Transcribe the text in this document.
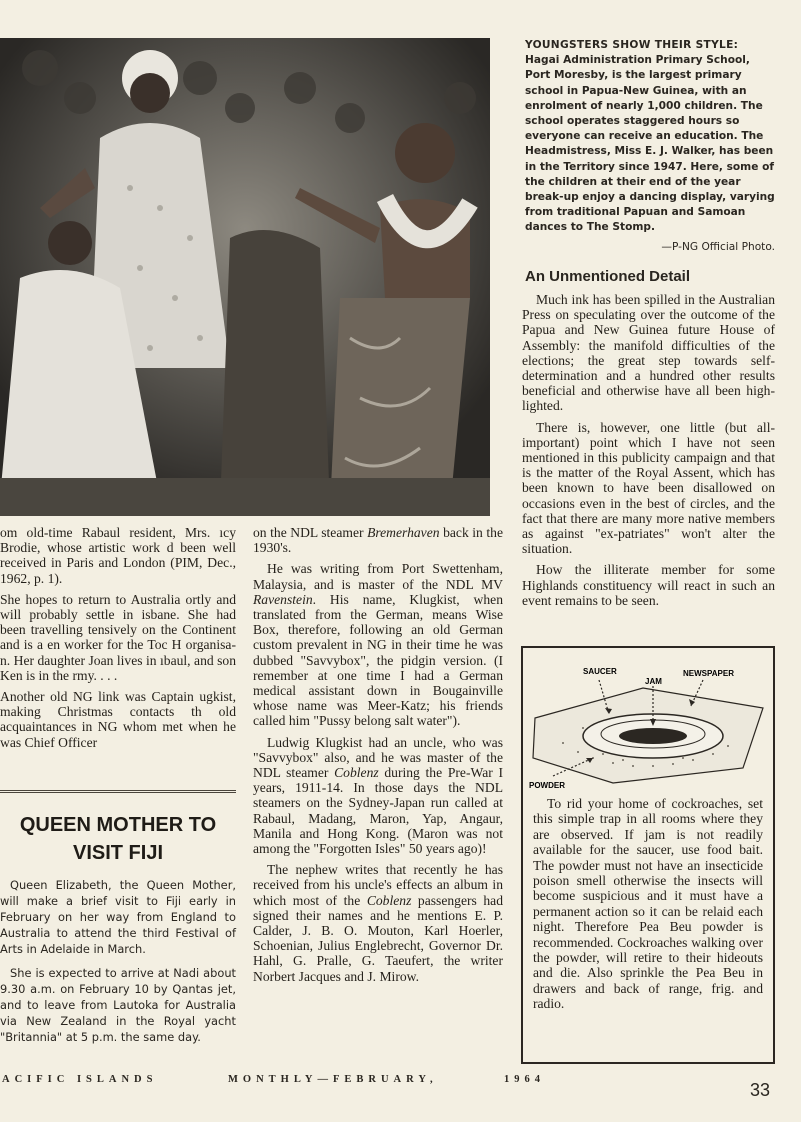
YOUNGSTERS SHOW THEIR STYLE: Hagai Administration Primary School, Port Moresby, is the largest primary school in Papua-New Guinea, with an enrolment of nearly 1,000 children. The school operates staggered hours so everyone can receive an education. The Headmistress, Miss E. J. Walker, has been in the Territory since 1947. Here, some of the children at their end of the year break-up enjoy a dancing display, varying from traditional Papuan and Samoan dances to The Stomp.
—P-NG Official Photo.
An Unmentioned Detail

Much ink has been spilled in the Australian Press on speculating over the outcome of the Papua and New Guinea future House of Assembly: the manifold difficulties of the elections; the great step towards self-determination and a hundred other results beneficial and otherwise have all been high-lighted.

There is, however, one little (but all-important) point which I have not seen mentioned in this publicity campaign and that is the matter of the Royal Assent, which has been known to have been disallowed on occasions even in the best of circles, and the fact that there are many more native members as against "ex-patriates" won't alter the situation.

How the illiterate member for some Highlands constituency will react in such an event remains to be seen.

om old-time Rabaul resident, Mrs. ıcy Brodie, whose artistic work d been well received in Paris and London (PIM, Dec., 1962, p. 1).

She hopes to return to Australia ortly and will probably settle in isbane. She had been travelling tensively on the Continent and is a en worker for the Toc H organisa-n. Her daughter Joan lives in ıbaul, and son Ken is in the rmy. . . .

Another old NG link was Captain ugkist, making Christmas contacts th old acquaintances in NG whom met when he was Chief Officer

QUEEN MOTHER TO
VISIT FIJI

Queen Elizabeth, the Queen Mother, will make a brief visit to Fiji early in February on her way from England to Australia to attend the third Festival of Arts in Adelaide in March.

She is expected to arrive at Nadi about 9.30 a.m. on February 10 by Qantas jet, and to leave from Lautoka for Australia via New Zealand in the Royal yacht "Britannia" at 5 p.m. the same day.

on the NDL steamer Bremerhaven back in the 1930's.

He was writing from Port Swettenham, Malaysia, and is master of the NDL MV Ravenstein. His name, Klugkist, when translated from the German, means Wise Box, therefore, following an old German custom prevalent in NG in their time he was dubbed "Savvybox", the pidgin version. (I remember at one time I had a German medical assistant down in Bougainville whose name was Meer-Katz; his friends called him "Pussy belong salt water").

Ludwig Klugkist had an uncle, who was "Savvybox" also, and he was master of the NDL steamer Coblenz during the Pre-War I years, 1911-14. In those days the NDL steamers on the Sydney-Japan run called at Rabaul, Madang, Maron, Yap, Angaur, Manila and Hong Kong. (Maron was not among the "Forgotten Isles" 50 years ago)!

The nephew writes that recently he has received from his uncle's effects an album in which most of the Coblenz passengers had signed their names and he mentions E. P. Calder, J. B. O. Mouton, Karl Hoerler, Schoenian, Julius Englebrecht, Governor Dr. Hahl, G. Pralle, G. Taeufert, the writer Norbert Jacques and J. Mirow.

SAUCER	NEWSPAPER
JAM
POWDER

To rid your home of cockroaches, set this simple trap in all rooms where they are observed. If jam is not readily available for the saucer, use food bait. The powder must not have an insecticide poison smell otherwise the insects will become suspicious and it must have a permanent action so it can be relaid each night. Therefore Pea Beu powder is recommended. Cockroaches walking over the powder, will retire to their hideouts and die. Also sprinkle the Pea Beu in drawers and back of range, frig. and radio.

ACIFIC ISLANDS	MONTHLY—FEBRUARY,	1964
33
